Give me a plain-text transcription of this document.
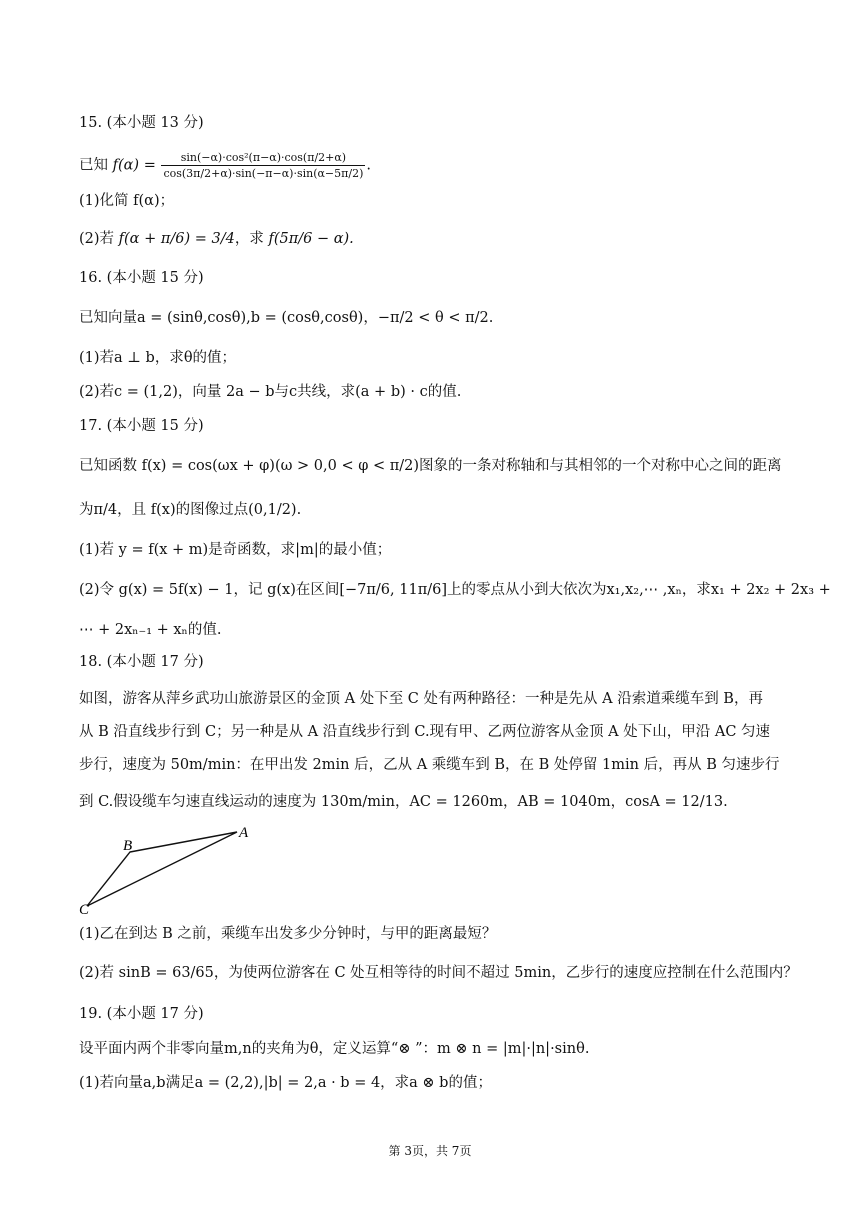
15. (本小题 13 分)
已知 $f(\alpha) = \frac{\text{sin(−α)·cos²(π−α)·cos(π/2+α)}}{\cos(3\pi/2+\alpha)\cdot\sin(-\pi-\alpha)\cdot\sin(\alpha-5\pi/2)}$ .
(1)化简 f(α)；
(2)若 f(α + π/6) = 3/4，求 f(5π/6 − α).
16. (本小题 15 分)
已知向量a = (sinθ,cosθ),b = (cosθ,cosθ)，−π/2 < θ < π/2.
(1)若a ⊥ b，求θ的值；
(2)若c = (1,2)，向量 2a − b与c共线，求(a + b) · c的值.
17. (本小题 15 分)
已知函数 f(x) = cos(ωx + φ)(ω > 0,0 < φ < π/2)图象的一条对称轴和与其相邻的一个对称中心之间的距离
为π/4，且 f(x)的图像过点(0,1/2).
(1)若 y = f(x + m)是奇函数，求|m|的最小值；
(2)令 g(x) = 5f(x) − 1，记 g(x)在区间[−7π/6, 11π/6]上的零点从小到大依次为x₁,x₂,⋯ ,xₙ，求x₁ + 2x₂ + 2x₃ +
⋯ + 2xₙ₋₁ + xₙ的值.
18. (本小题 17 分)
如图，游客从萍乡武功山旅游景区的金顶 A 处下至 C 处有两种路径：一种是先从 A 沿索道乘缆车到 B，再
从 B 沿直线步行到 C；另一种是从 A 沿直线步行到 C.现有甲、乙两位游客从金顶 A 处下山，甲沿 AC 匀速
步行，速度为 50m/min：在甲出发 2min 后，乙从 A 乘缆车到 B，在 B 处停留 1min 后，再从 B 匀速步行
到 C.假设缆车匀速直线运动的速度为 130m/min，AC = 1260m，AB = 1040m，cosA = 12/13.
A
B
C
(1)乙在到达 B 之前，乘缆车出发多少分钟时，与甲的距离最短？
(2)若 sinB = 63/65，为使两位游客在 C 处互相等待的时间不超过 5min，乙步行的速度应控制在什么范围内？
19. (本小题 17 分)
设平面内两个非零向量m,n的夹角为θ，定义运算“⊗ ”：m ⊗ n = |m|·|n|·sinθ.
(1)若向量a,b满足a = (2,2),|b| = 2,a · b = 4，求a ⊗ b的值；
第 3页，共 7页
